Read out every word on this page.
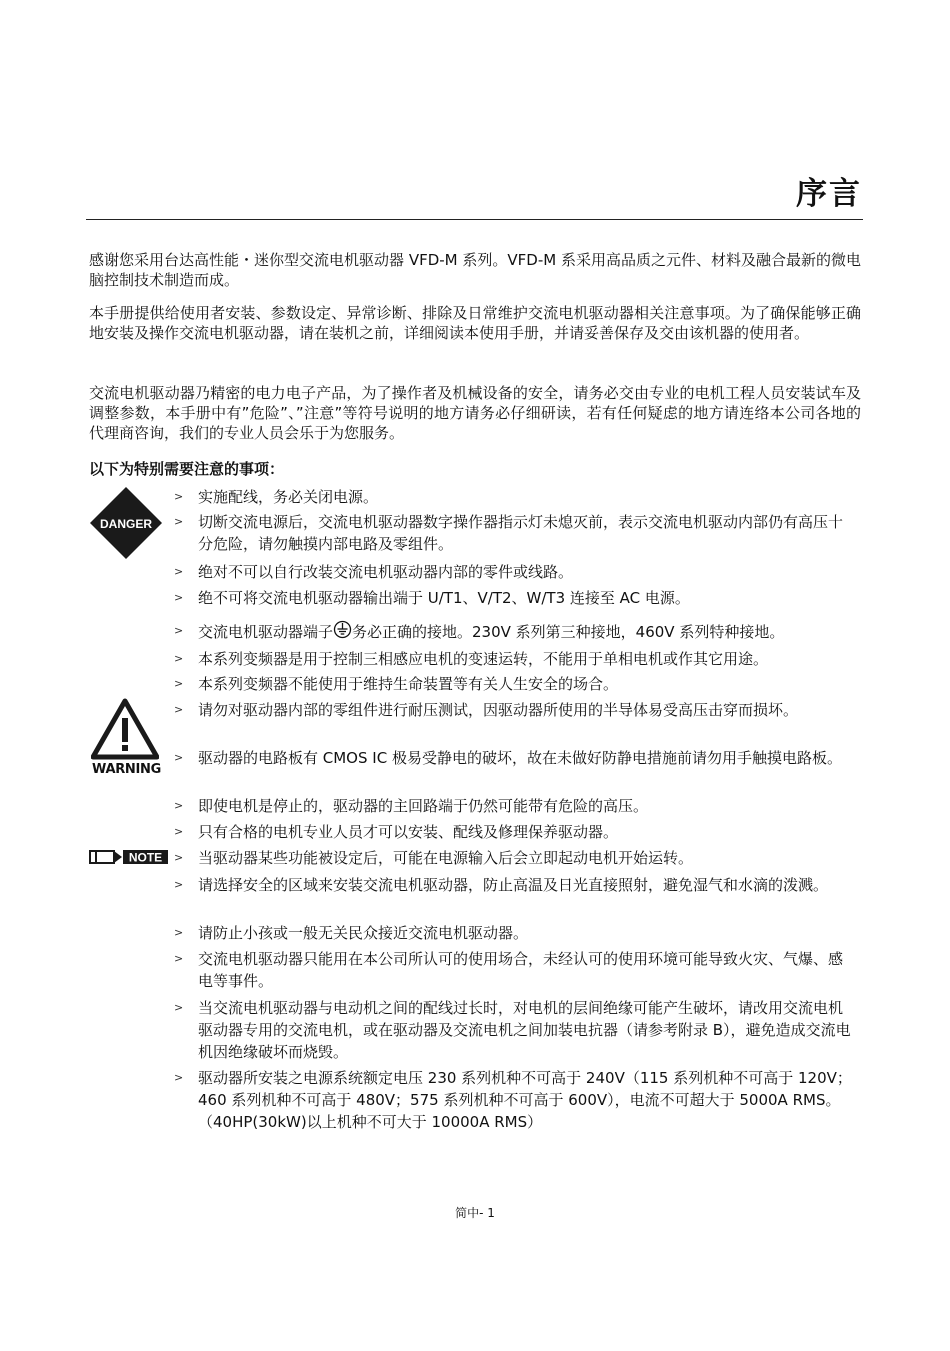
序言
感谢您采用台达高性能・迷你型交流电机驱动器 VFD-M 系列。VFD-M 系采用高品质之元件、材料及融合最新的微电脑控制技术制造而成。
本手册提供给使用者安装、参数设定、异常诊断、排除及日常维护交流电机驱动器相关注意事项。为了确保能够正确地安装及操作交流电机驱动器，请在装机之前，详细阅读本使用手册，并请妥善保存及交由该机器的使用者。
交流电机驱动器乃精密的电力电子产品，为了操作者及机械设备的安全，请务必交由专业的电机工程人员安装试车及调整参数，本手册中有”危险”、”注意”等符号说明的地方请务必仔细研读，若有任何疑虑的地方请连络本公司各地的代理商咨询，我们的专业人员会乐于为您服务。
以下为特别需要注意的事项：
DANGER
WARNING
NOTE
> 实施配线，务必关闭电源。
> 切断交流电源后，交流电机驱动器数字操作器指示灯未熄灭前，表示交流电机驱动内部仍有高压十分危险，请勿触摸内部电路及零组件。
> 绝对不可以自行改装交流电机驱动器内部的零件或线路。
> 绝不可将交流电机驱动器输出端于 U/T1、V/T2、W/T3 连接至 AC 电源。
> 交流电机驱动器端子 务必正确的接地。230V 系列第三种接地，460V 系列特种接地。
> 本系列变频器是用于控制三相感应电机的变速运转，不能用于单相电机或作其它用途。
> 本系列变频器不能使用于维持生命装置等有关人生安全的场合。
> 请勿对驱动器内部的零组件进行耐压测试，因驱动器所使用的半导体易受高压击穿而损坏。
> 驱动器的电路板有 CMOS IC 极易受静电的破坏，故在未做好防静电措施前请勿用手触摸电路板。
> 即使电机是停止的，驱动器的主回路端于仍然可能带有危险的高压。
> 只有合格的电机专业人员才可以安装、配线及修理保养驱动器。
> 当驱动器某些功能被设定后，可能在电源输入后会立即起动电机开始运转。
> 请选择安全的区域来安装交流电机驱动器，防止高温及日光直接照射，避免湿气和水滴的泼溅。
> 请防止小孩或一般无关民众接近交流电机驱动器。
> 交流电机驱动器只能用在本公司所认可的使用场合，未经认可的使用环境可能导致火灾、气爆、感电等事件。
> 当交流电机驱动器与电动机之间的配线过长时，对电机的层间绝缘可能产生破坏，请改用交流电机驱动器专用的交流电机，或在驱动器及交流电机之间加装电抗器（请参考附录 B），避免造成交流电机因绝缘破坏而烧毁。
> 驱动器所安装之电源系统额定电压 230 系列机种不可高于 240V（115 系列机种不可高于 120V；460 系列机种不可高于 480V；575 系列机种不可高于 600V），电流不可超大于 5000A RMS。（40HP(30kW)以上机种不可大于 10000A RMS）
简中- 1
